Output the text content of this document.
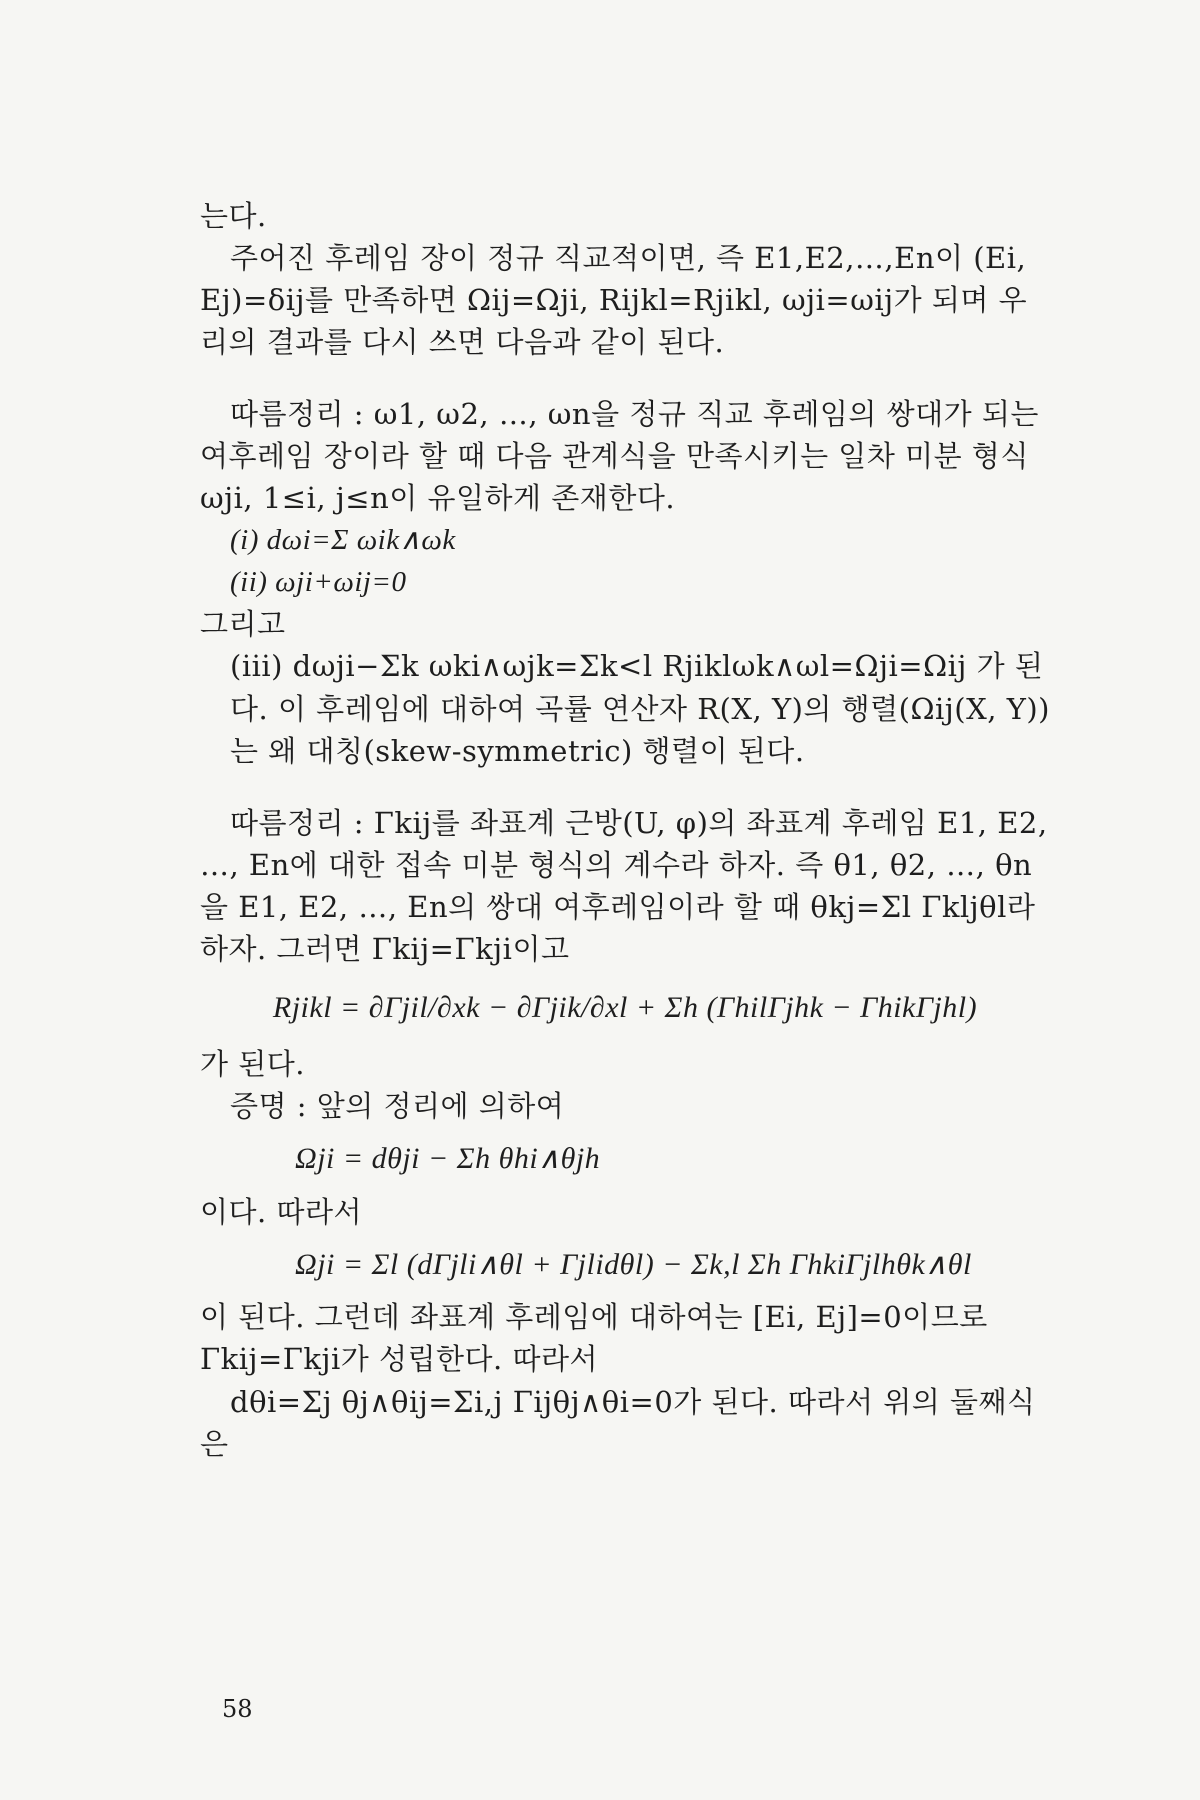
는다.

주어진 후레임 장이 정규 직교적이면, 즉 E1,E2,…,En이 (Ei, Ej)=δij를 만족하면 Ωij=Ωji, Rijkl=Rjikl, ωji=ωij가 되며 우리의 결과를 다시 쓰면 다음과 같이 된다.

따름정리 : ω1, ω2, …, ωn을 정규 직교 후레임의 쌍대가 되는 여후레임 장이라 할 때 다음 관계식을 만족시키는 일차 미분 형식 ωji, 1≤i, j≤n이 유일하게 존재한다.

(i) dωi=Σ ωik∧ωk

(ii) ωji+ωij=0

그리고

(iii) dωji−Σk ωki∧ωjk=Σk<l Rjiklωk∧ωl=Ωji=Ωij 가 된다. 이 후레임에 대하여 곡률 연산자 R(X, Y)의 행렬(Ωij(X, Y))는 왜 대칭(skew-symmetric) 행렬이 된다.

따름정리 : Γkij를 좌표계 근방(U, φ)의 좌표계 후레임 E1, E2, …, En에 대한 접속 미분 형식의 계수라 하자. 즉 θ1, θ2, …, θn을 E1, E2, …, En의 쌍대 여후레임이라 할 때 θkj=Σl Γkljθl라 하자. 그러면 Γkij=Γkji이고

Rjikl = ∂Γjil/∂xk − ∂Γjik/∂xl + Σh (ΓhilΓjhk − ΓhikΓjhl)

가 된다.

증명 : 앞의 정리에 의하여

Ωji = dθji − Σh θhi∧θjh

이다. 따라서

Ωji = Σl (dΓjli∧θl + Γjlidθl) − Σk,l Σh ΓhkiΓjlhθk∧θl

이 된다. 그런데 좌표계 후레임에 대하여는 [Ei, Ej]=0이므로 Γkij=Γkji가 성립한다. 따라서

dθi=Σj θj∧θij=Σi,j Γijθj∧θi=0가 된다. 따라서 위의 둘째식은

58
